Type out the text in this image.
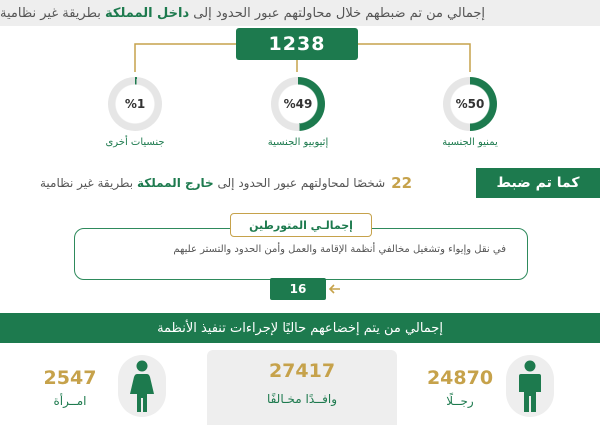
إجمالي من تم ضبطهم خلال محاولتهم عبور الحدود إلى داخل المملكة بطريقة غير نظامية
1238
%50
يمنيو الجنسية
%49
إثيوبيو الجنسية
%1
جنسيات أخرى
كما تم ضبط
22
شخصًا لمحاولتهم عبور الحدود إلى خارج المملكة بطريقة غير نظامية
إجمالـي المتورطين
في نقل وإيواء وتشغيل مخالفي أنظمة الإقامة والعمل وأمن الحدود والتستر عليهم
16
إجمالي من يتم إخضاعهم حاليًا لإجراءات تنفيذ الأنظمة
27417
وافــدًا مخـالفًا
24870
رجــلًا
2547
امــرأة
